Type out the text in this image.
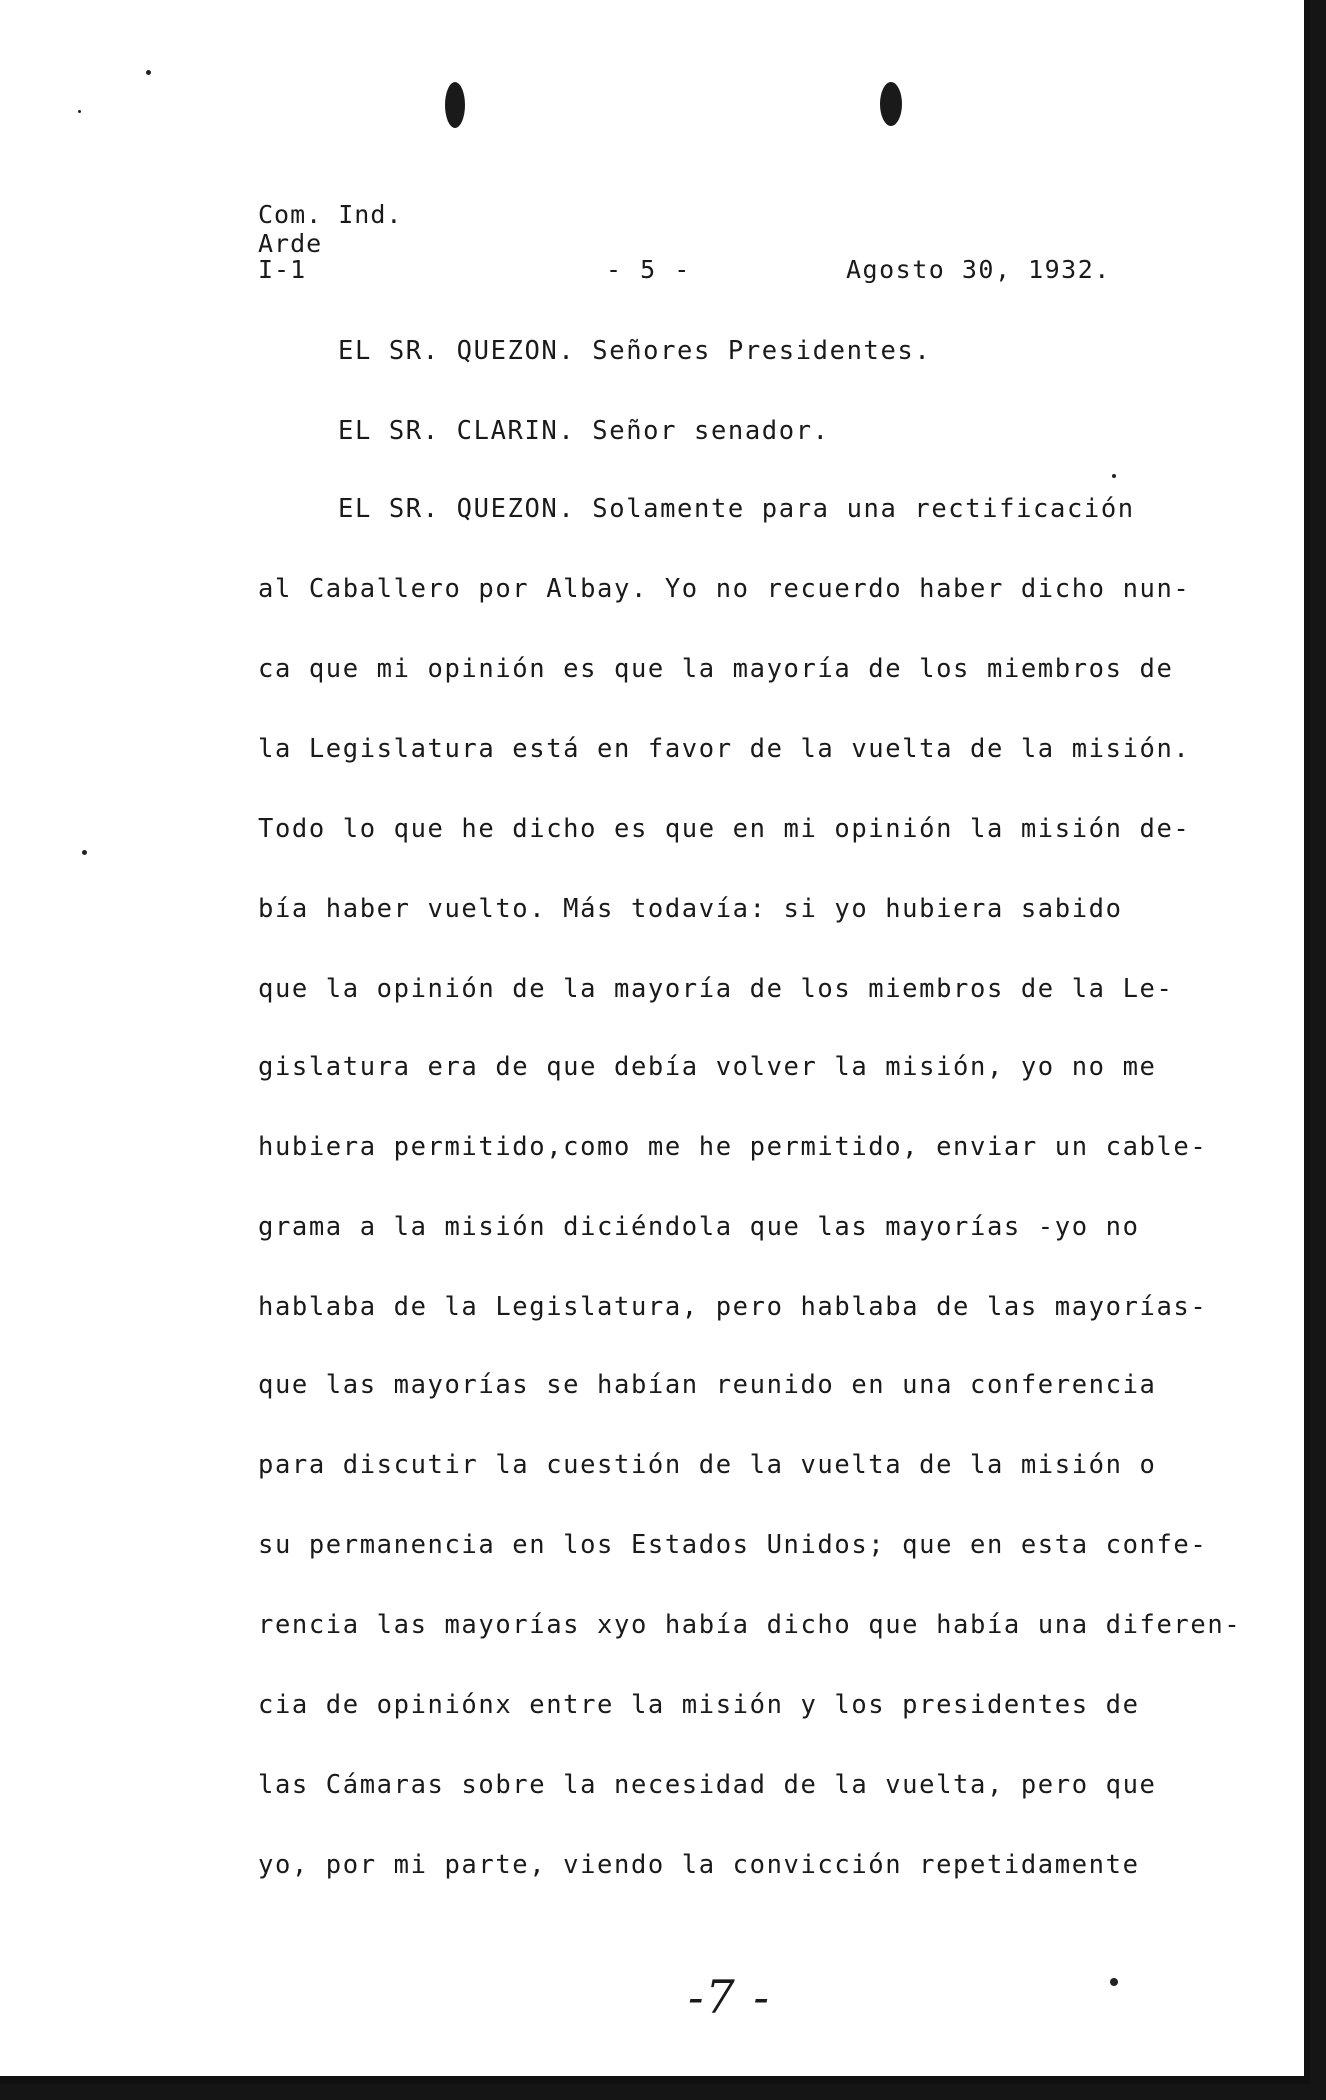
Com. Ind.
Arde
I-1	- 5 -	Agosto 30, 1932.
EL SR. QUEZON. Señores Presidentes.
EL SR. CLARIN. Señor senador.
EL SR. QUEZON. Solamente para una rectificación
al Caballero por Albay. Yo no recuerdo haber dicho nun-
ca que mi opinión es que la mayoría de los miembros de
la Legislatura está en favor de la vuelta de la misión.
Todo lo que he dicho es que en mi opinión la misión de-
bía haber vuelto. Más todavía: si yo hubiera sabido
que la opinión de la mayoría de los miembros de la Le-
gislatura era de que debía volver la misión, yo no me
hubiera permitido,como me he permitido, enviar un cable-
grama a la misión diciéndola que las mayorías -yo no
hablaba de la Legislatura, pero hablaba de las mayorías-
que las mayorías se habían reunido en una conferencia
para discutir la cuestión de la vuelta de la misión o
su permanencia en los Estados Unidos; que en esta confe-
rencia las mayorías xyo había dicho que había una diferen-
cia de opiniónx entre la misión y los presidentes de
las Cámaras sobre la necesidad de la vuelta, pero que
yo, por mi parte, viendo la convicción repetidamente
-7 -
